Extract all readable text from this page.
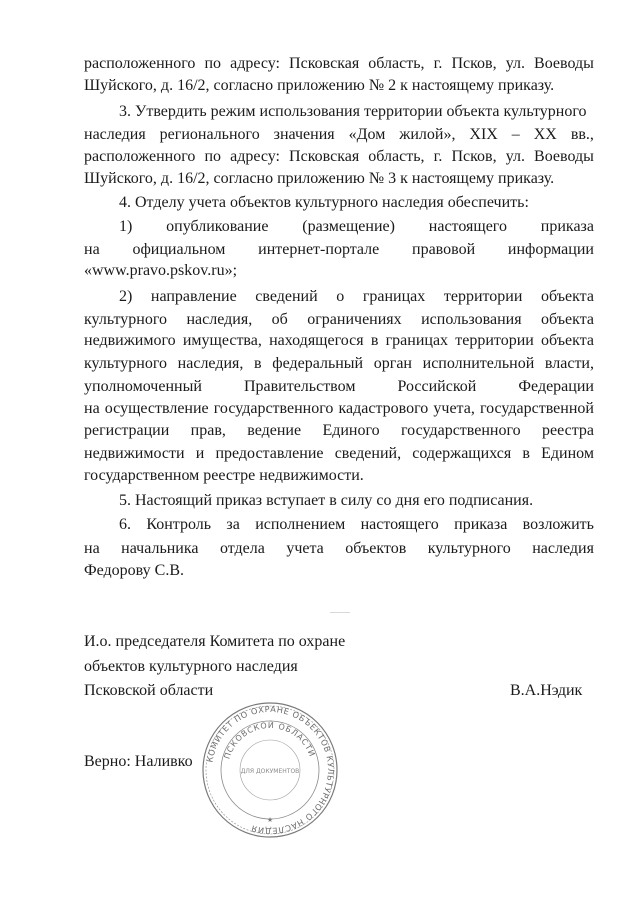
расположенного по адресу: Псковская область, г. Псков, ул. Воеводы
Шуйского, д. 16/2, согласно приложению № 2 к настоящему приказу.
3. Утвердить режим использования территории объекта культурного
наследия регионального значения «Дом жилой», XIX – XX вв.,
расположенного по адресу: Псковская область, г. Псков, ул. Воеводы
Шуйского, д. 16/2, согласно приложению № 3 к настоящему приказу.
4. Отделу учета объектов культурного наследия обеспечить:
1) опубликование (размещение) настоящего приказа
на официальном интернет-портале правовой информации
«www.pravo.pskov.ru»;
2) направление сведений о границах территории объекта
культурного наследия, об ограничениях использования объекта
недвижимого имущества, находящегося в границах территории объекта
культурного наследия, в федеральный орган исполнительной власти,
уполномоченный	Правительством	Российской	Федерации
на осуществление государственного кадастрового учета, государственной
регистрации прав, ведение Единого государственного реестра
недвижимости и предоставление сведений, содержащихся в Едином
государственном реестре недвижимости.
5. Настоящий приказ вступает в силу со дня его подписания.
6. Контроль за исполнением настоящего приказа возложить
на начальника отдела учета объектов культурного наследия
Федорову С.В.
И.о. председателя Комитета по охране
объектов культурного наследия
Псковской области	В.А.Нэдик
Верно: Наливко КОМИТЕТ ПО ОХРАНЕ ОБЪЕКТОВ КУЛЬТУРНОГО НАСЛЕДИЯ
ПСКОВСКОЙ ОБЛАСТИ
ДЛЯ ДОКУМЕНТОВ
★
